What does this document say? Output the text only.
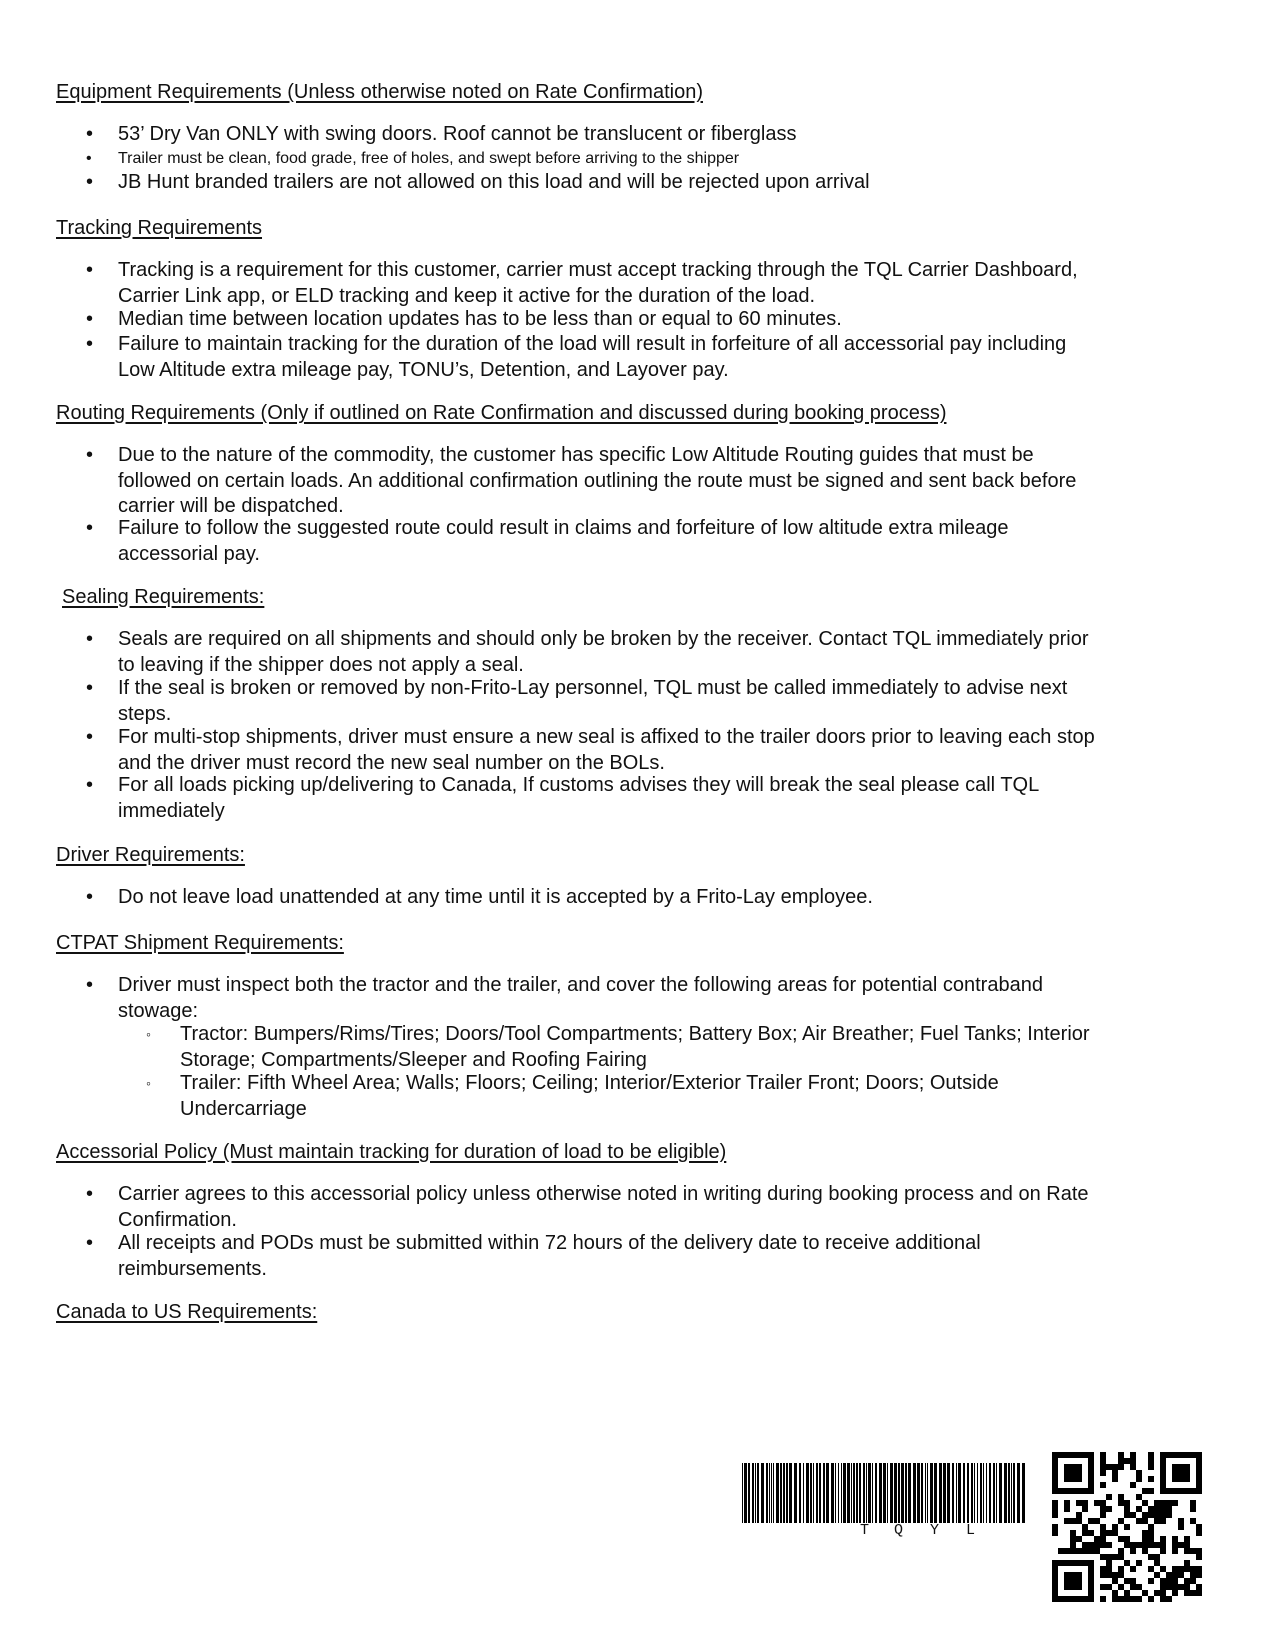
Equipment Requirements (Unless otherwise noted on Rate Confirmation)
• 53’ Dry Van ONLY with swing doors. Roof cannot be translucent or fiberglass
• Trailer must be clean, food grade, free of holes, and swept before arriving to the shipper
• JB Hunt branded trailers are not allowed on this load and will be rejected upon arrival
Tracking Requirements
• Tracking is a requirement for this customer, carrier must accept tracking through the TQL Carrier Dashboard,
Carrier Link app, or ELD tracking and keep it active for the duration of the load.
• Median time between location updates has to be less than or equal to 60 minutes.
• Failure to maintain tracking for the duration of the load will result in forfeiture of all accessorial pay including
Low Altitude extra mileage pay, TONU’s, Detention, and Layover pay.
Routing Requirements (Only if outlined on Rate Confirmation and discussed during booking process)
• Due to the nature of the commodity, the customer has specific Low Altitude Routing guides that must be
followed on certain loads. An additional confirmation outlining the route must be signed and sent back before
carrier will be dispatched.
• Failure to follow the suggested route could result in claims and forfeiture of low altitude extra mileage
accessorial pay.
Sealing Requirements:
• Seals are required on all shipments and should only be broken by the receiver. Contact TQL immediately prior
to leaving if the shipper does not apply a seal.
• If the seal is broken or removed by non-Frito-Lay personnel, TQL must be called immediately to advise next
steps.
• For multi-stop shipments, driver must ensure a new seal is affixed to the trailer doors prior to leaving each stop
and the driver must record the new seal number on the BOLs.
• For all loads picking up/delivering to Canada, If customs advises they will break the seal please call TQL
immediately
Driver Requirements:
• Do not leave load unattended at any time until it is accepted by a Frito-Lay employee.
CTPAT Shipment Requirements:
• Driver must inspect both the tractor and the trailer, and cover the following areas for potential contraband
stowage:
◦ Tractor: Bumpers/Rims/Tires; Doors/Tool Compartments; Battery Box; Air Breather; Fuel Tanks; Interior
Storage; Compartments/Sleeper and Roofing Fairing
◦ Trailer: Fifth Wheel Area; Walls; Floors; Ceiling; Interior/Exterior Trailer Front; Doors; Outside
Undercarriage
Accessorial Policy (Must maintain tracking for duration of load to be eligible)
• Carrier agrees to this accessorial policy unless otherwise noted in writing during booking process and on Rate
Confirmation.
• All receipts and PODs must be submitted within 72 hours of the delivery date to receive additional
reimbursements.
Canada to US Requirements:
T Q Y L
